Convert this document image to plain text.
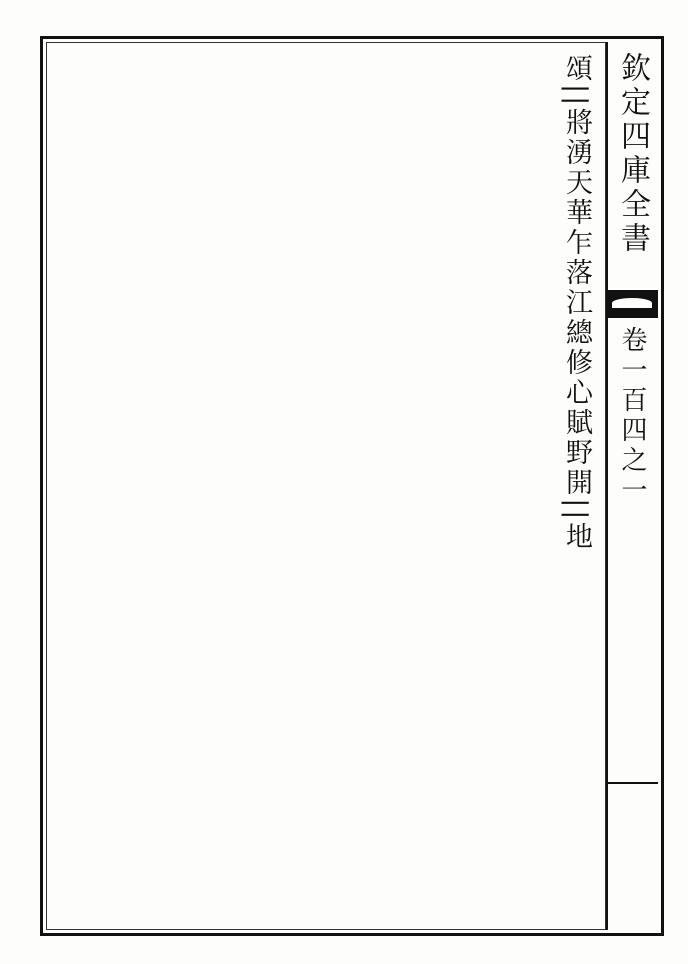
欽定四庫全書
卷一百四之一
頌||將湧天華乍落江總修心賦野開||地
